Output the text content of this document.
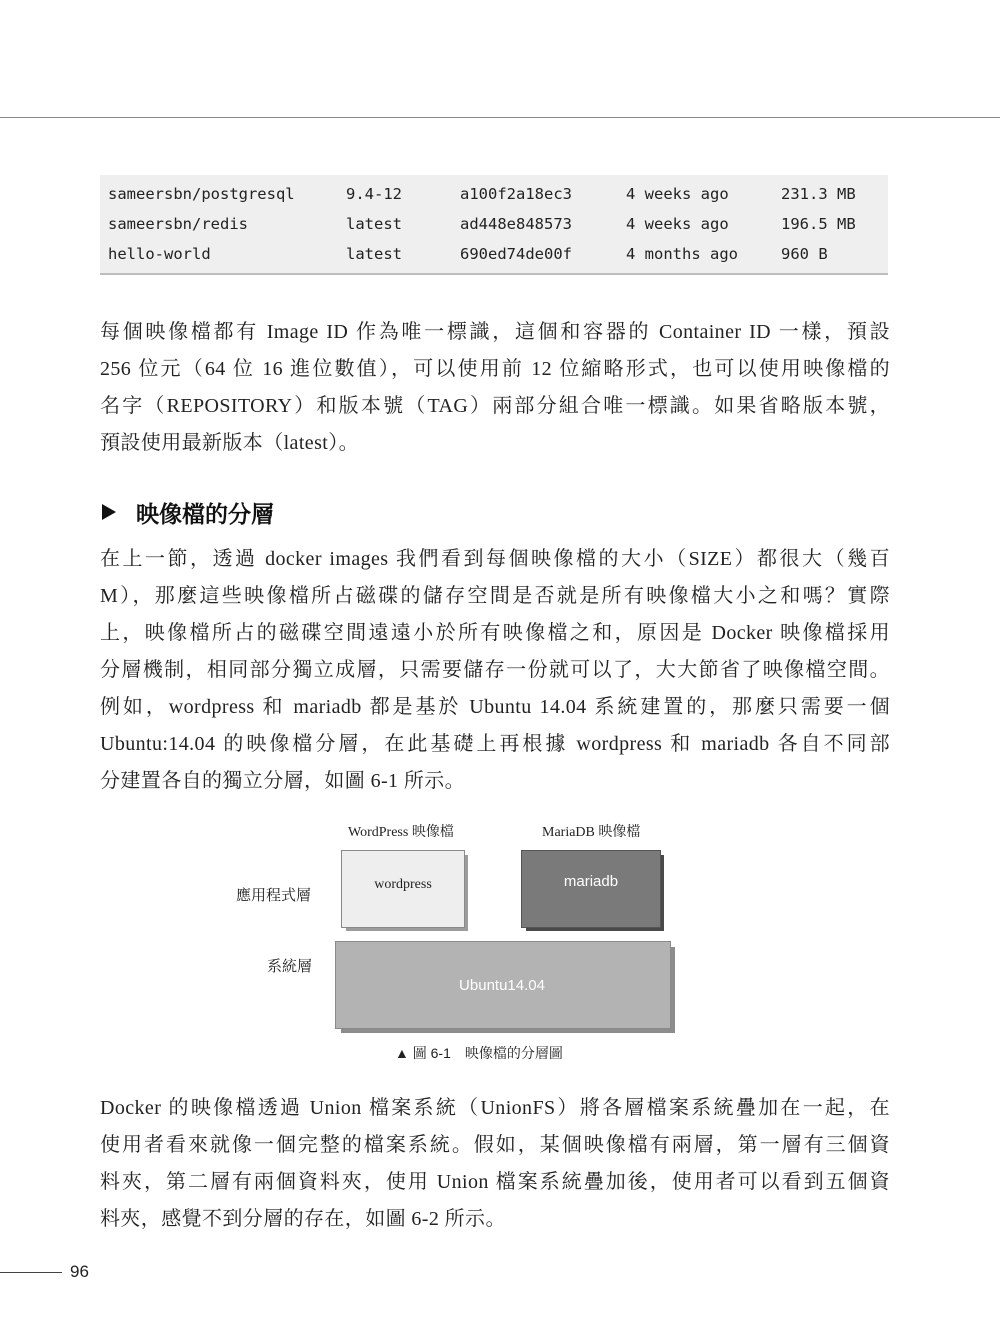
sameersbn/postgresql	9.4-12	a100f2a18ec3	4 weeks ago	231.3 MB
sameersbn/redis	latest	ad448e848573	4 weeks ago	196.5 MB
hello-world	latest	690ed74de00f	4 months ago	960 B
每個映像檔都有 Image ID 作為唯一標識，這個和容器的 Container ID 一樣，預設
256 位元（64 位 16 進位數值），可以使用前 12 位縮略形式，也可以使用映像檔的
名字（REPOSITORY）和版本號（TAG）兩部分組合唯一標識。如果省略版本號，
預設使用最新版本（latest）。
映像檔的分層
在上一節，透過 docker images 我們看到每個映像檔的大小（SIZE）都很大（幾百
M），那麼這些映像檔所占磁碟的儲存空間是否就是所有映像檔大小之和嗎？實際
上，映像檔所占的磁碟空間遠遠小於所有映像檔之和，原因是 Docker 映像檔採用
分層機制，相同部分獨立成層，只需要儲存一份就可以了，大大節省了映像檔空間。
例如，wordpress 和 mariadb 都是基於 Ubuntu 14.04 系統建置的，那麼只需要一個
Ubuntu:14.04 的映像檔分層，在此基礎上再根據 wordpress 和 mariadb 各自不同部
分建置各自的獨立分層，如圖 6-1 所示。
WordPress 映像檔	MariaDB 映像檔
應用程式層
系統層
wordpress	mariadb
Ubuntu14.04
▲ 圖 6-1　映像檔的分層圖
Docker 的映像檔透過 Union 檔案系統（UnionFS）將各層檔案系統疊加在一起，在
使用者看來就像一個完整的檔案系統。假如，某個映像檔有兩層，第一層有三個資
料夾，第二層有兩個資料夾，使用 Union 檔案系統疊加後，使用者可以看到五個資
料夾，感覺不到分層的存在，如圖 6-2 所示。
96
